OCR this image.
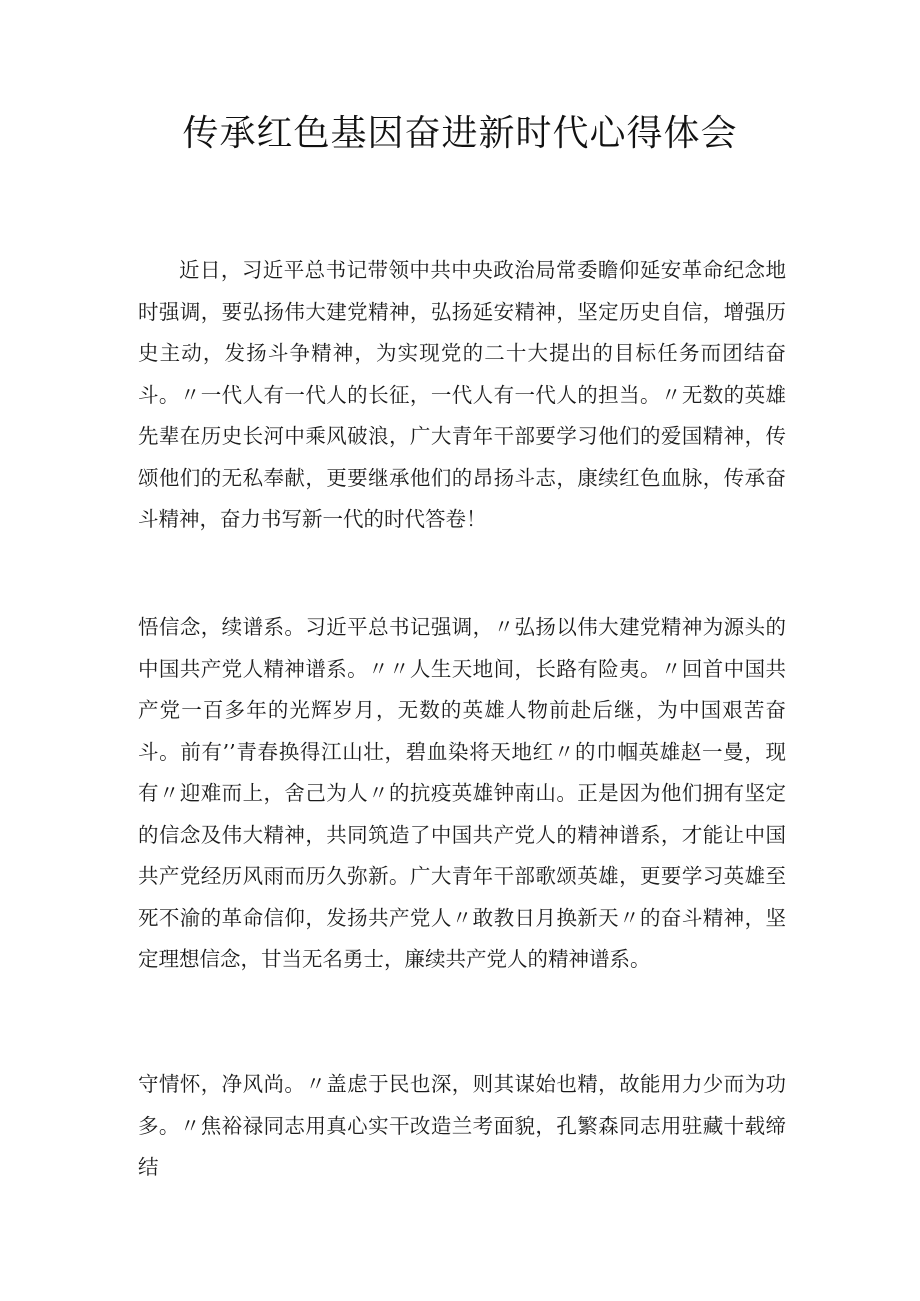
传承红色基因奋进新时代心得体会

近日，习近平总书记带领中共中央政治局常委瞻仰延安革命纪念地时强调，要弘扬伟大建党精神，弘扬延安精神，坚定历史自信，增强历史主动，发扬斗争精神，为实现党的二十大提出的目标任务而团结奋斗。〃一代人有一代人的长征，一代人有一代人的担当。〃无数的英雄先辈在历史长河中乘风破浪，广大青年干部要学习他们的爱国精神，传颂他们的无私奉献，更要继承他们的昂扬斗志，康续红色血脉，传承奋斗精神，奋力书写新一代的时代答卷！

悟信念，续谱系。习近平总书记强调，〃弘扬以伟大建党精神为源头的中国共产党人精神谱系。〃〃人生天地间，长路有险夷。〃回首中国共产党一百多年的光辉岁月，无数的英雄人物前赴后继，为中国艰苦奋斗。前有’’青春换得江山壮，碧血染将天地红〃的巾帼英雄赵一曼，现有〃迎难而上，舍己为人〃的抗疫英雄钟南山。正是因为他们拥有坚定的信念及伟大精神，共同筑造了中国共产党人的精神谱系，才能让中国共产党经历风雨而历久弥新。广大青年干部歌颂英雄，更要学习英雄至死不渝的革命信仰，发扬共产党人〃敢教日月换新天〃的奋斗精神，坚定理想信念，甘当无名勇士，廉续共产党人的精神谱系。

守情怀，净风尚。〃盖虑于民也深，则其谋始也精，故能用力少而为功多。〃焦裕禄同志用真心实干改造兰考面貌，孔繁森同志用驻藏十载缔结
